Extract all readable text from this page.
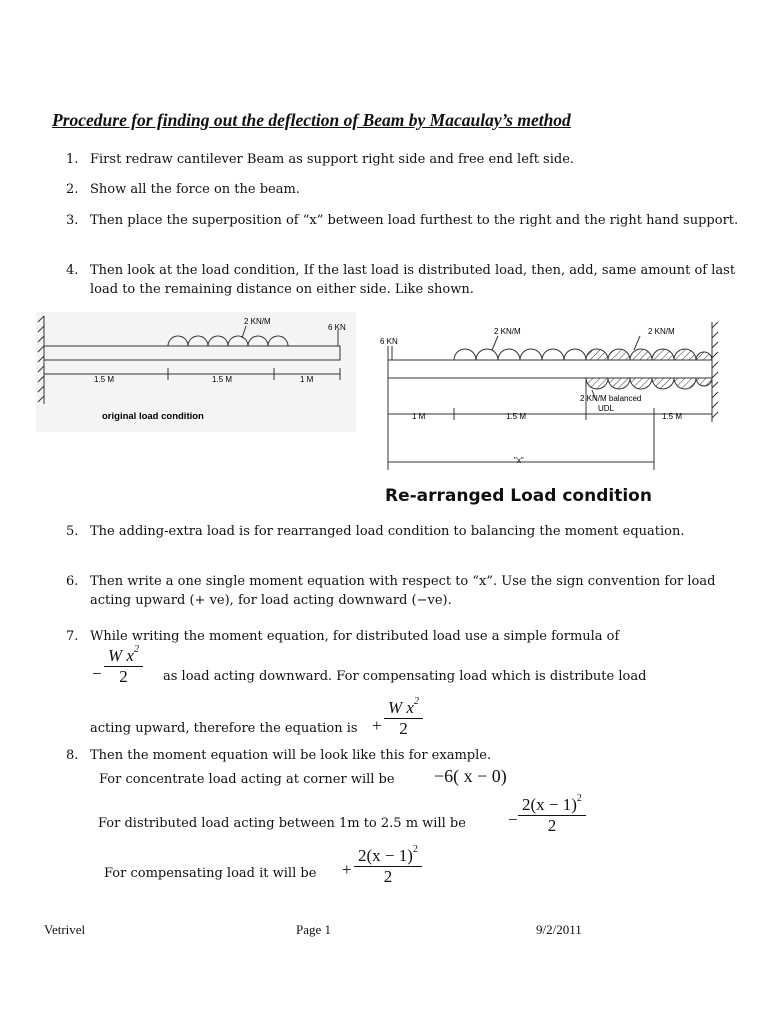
Procedure for finding out the deflection of Beam by Macaulay’s method
1. First redraw cantilever Beam as support right side and free end left side.
2. Show all the force on the beam.
3. Then place the superposition of “x” between load furthest to the right and the right hand support.
4. Then look at the load condition, If the last load is distributed load, then, add, same amount of last load to the remaining distance on either side. Like shown.
2 KN/M
6 KN
1.5 M	1.5 M	1 M
original load condition
6 KN
2 KN/M	2 KN/M
2 KN/M balanced
UDL
1 M	1.5 M	1.5 M
"x"
Re-arranged Load condition
5. The adding-extra load is for rearranged load condition to balancing the moment equation.
6. Then write a one single moment equation with respect to “x”. Use the sign convention for load acting upward (+ ve), for load acting downward (−ve).
7. While writing the moment equation, for distributed load use a simple formula of
− $\frac{W x^2}{2}$ as load acting downward. For compensating load which is distribute load
acting upward, therefore the equation is + $\frac{W x^2}{2}$
8. Then the moment equation will be look like this for example.
For concentrate load acting at corner will be −6( x − 0)
For distributed load acting between 1m to 2.5 m will be − $\frac{2(x - 1)^2}{2}$
For compensating load it will be + $\frac{2(x - 1)^2}{2}$
Vetrivel	Page 1	9/2/2011
